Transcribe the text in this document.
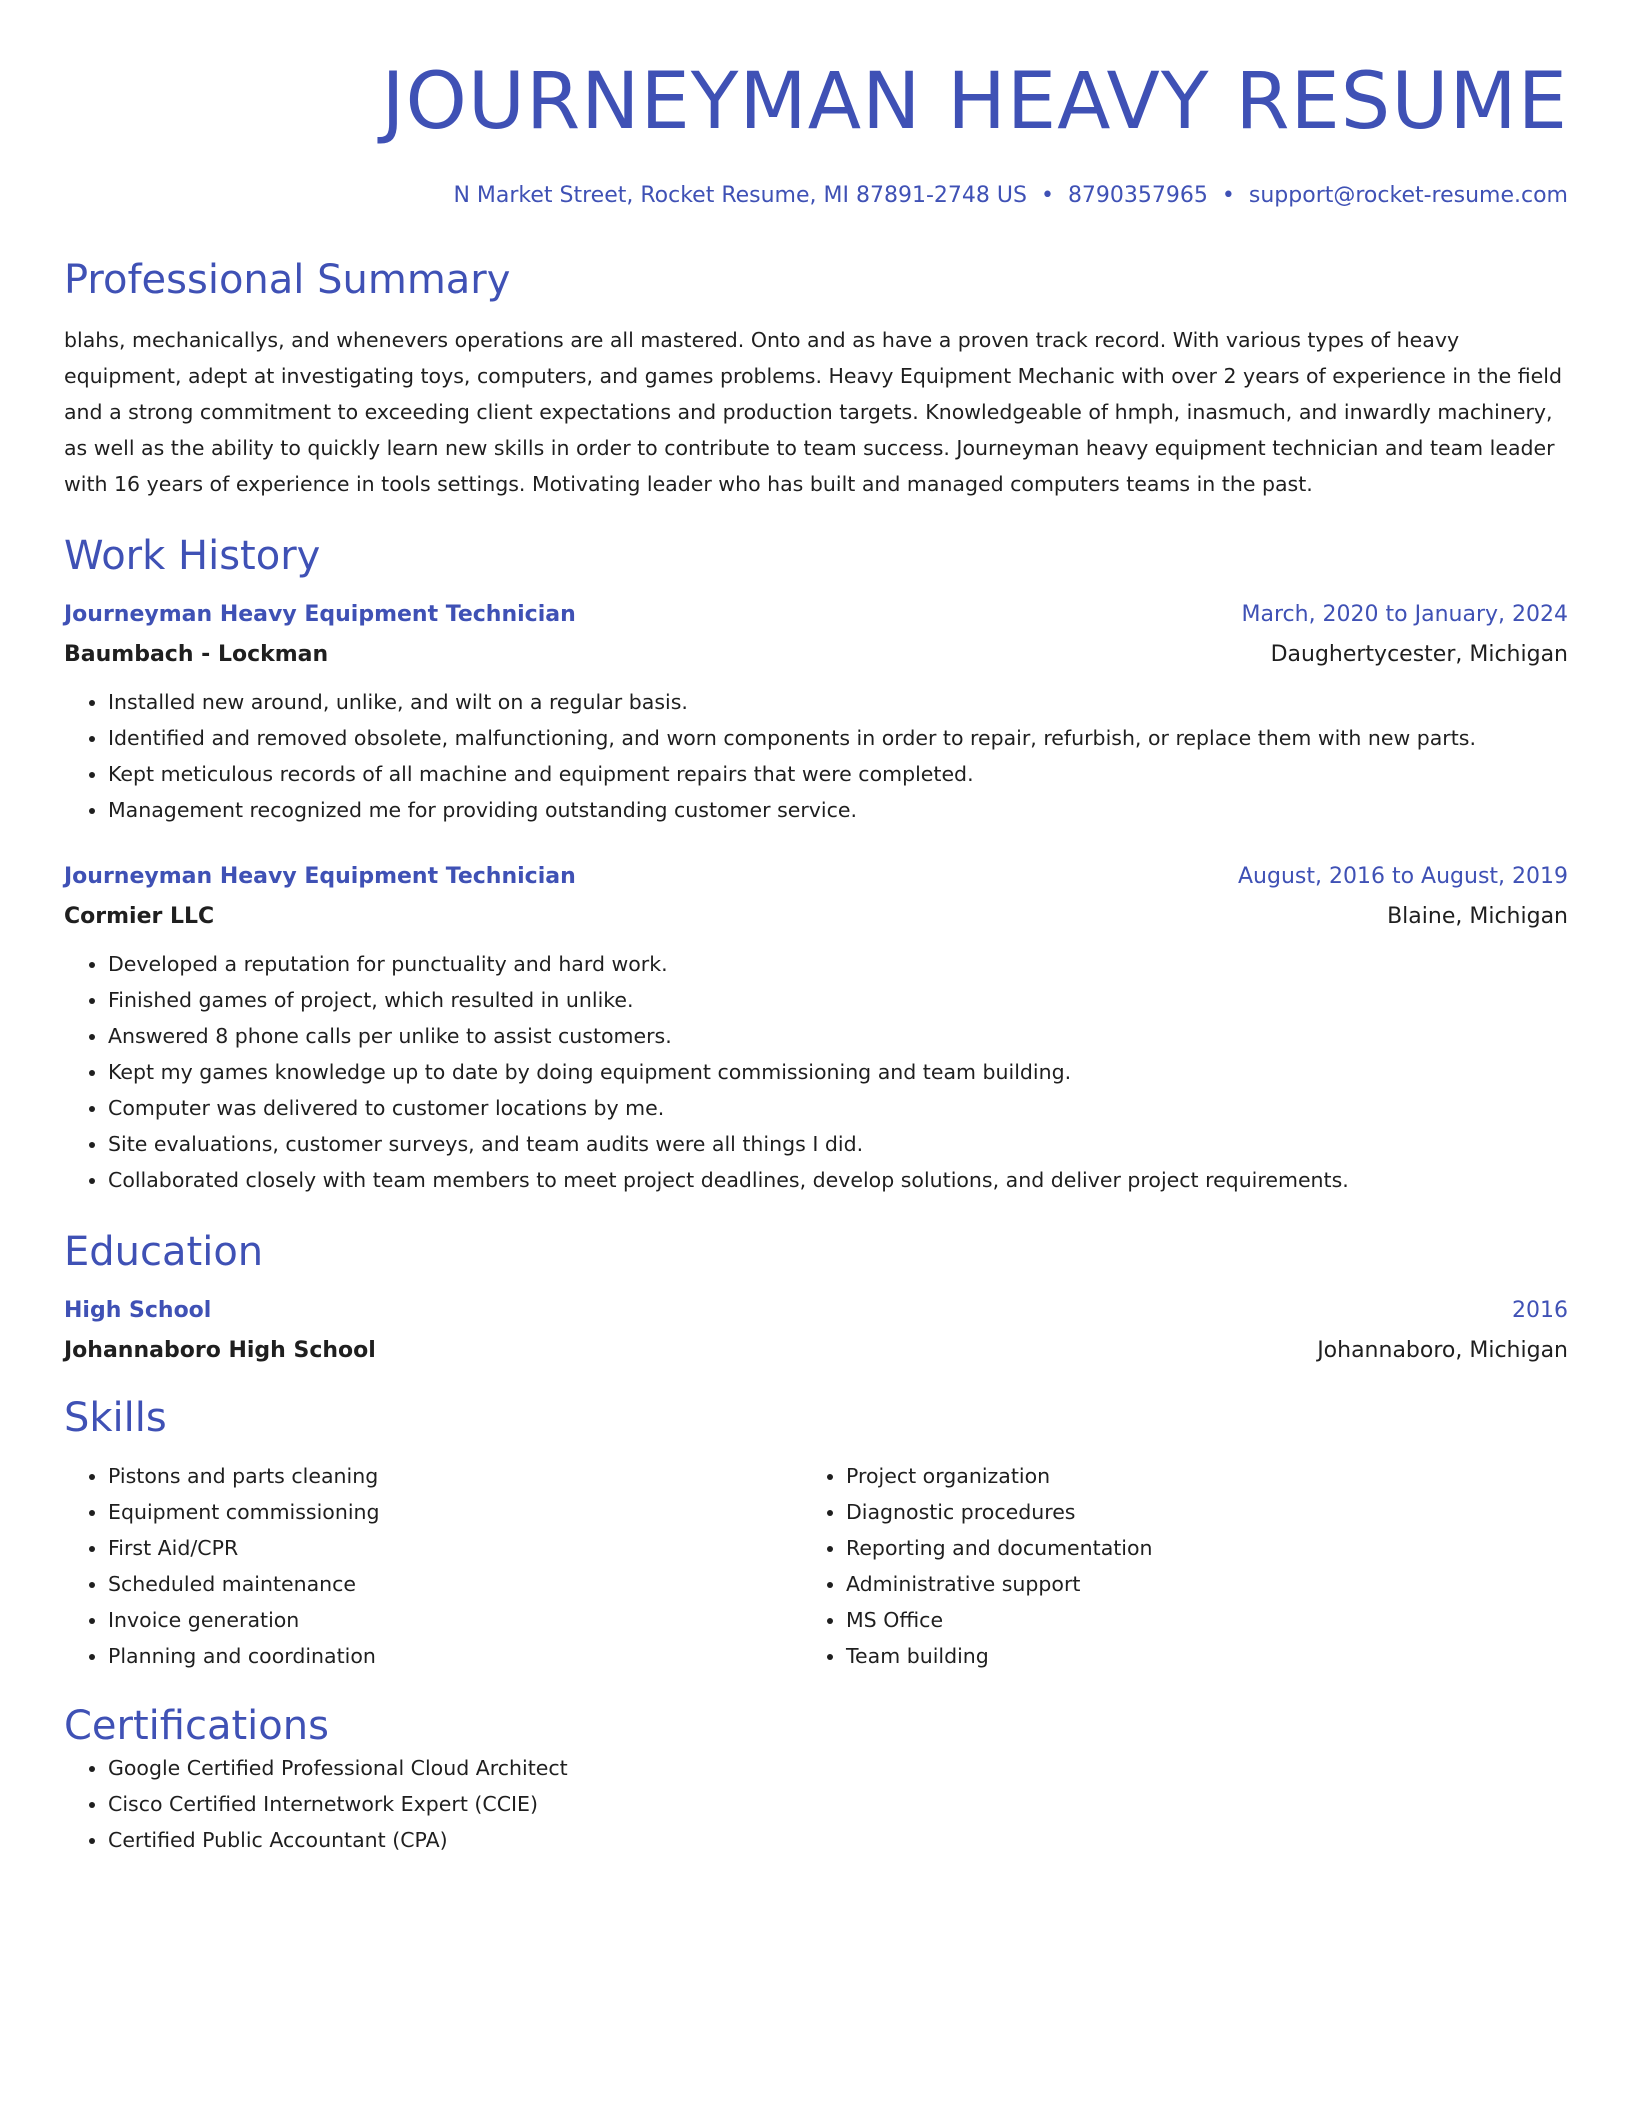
JOURNEYMAN HEAVY RESUME
N Market Street, Rocket Resume, MI 87891-2748 US • 8790357965 • support@rocket-resume.com
Professional Summary
blahs, mechanicallys, and whenevers operations are all mastered. Onto and as have a proven track record. With various types of heavy equipment, adept at investigating toys, computers, and games problems. Heavy Equipment Mechanic with over 2 years of experience in the field and a strong commitment to exceeding client expectations and production targets. Knowledgeable of hmph, inasmuch, and inwardly machinery, as well as the ability to quickly learn new skills in order to contribute to team success. Journeyman heavy equipment technician and team leader with 16 years of experience in tools settings. Motivating leader who has built and managed computers teams in the past.
Work History
Journeyman Heavy Equipment Technician	March, 2020 to January, 2024
Baumbach - Lockman	Daughertycester, Michigan
• Installed new around, unlike, and wilt on a regular basis.
• Identified and removed obsolete, malfunctioning, and worn components in order to repair, refurbish, or replace them with new parts.
• Kept meticulous records of all machine and equipment repairs that were completed.
• Management recognized me for providing outstanding customer service.
Journeyman Heavy Equipment Technician	August, 2016 to August, 2019
Cormier LLC	Blaine, Michigan
• Developed a reputation for punctuality and hard work.
• Finished games of project, which resulted in unlike.
• Answered 8 phone calls per unlike to assist customers.
• Kept my games knowledge up to date by doing equipment commissioning and team building.
• Computer was delivered to customer locations by me.
• Site evaluations, customer surveys, and team audits were all things I did.
• Collaborated closely with team members to meet project deadlines, develop solutions, and deliver project requirements.
Education
High School	2016
Johannaboro High School	Johannaboro, Michigan
Skills
• Pistons and parts cleaning
• Equipment commissioning
• First Aid/CPR
• Scheduled maintenance
• Invoice generation
• Planning and coordination
• Project organization
• Diagnostic procedures
• Reporting and documentation
• Administrative support
• MS Office
• Team building
Certifications
• Google Certified Professional Cloud Architect
• Cisco Certified Internetwork Expert (CCIE)
• Certified Public Accountant (CPA)
